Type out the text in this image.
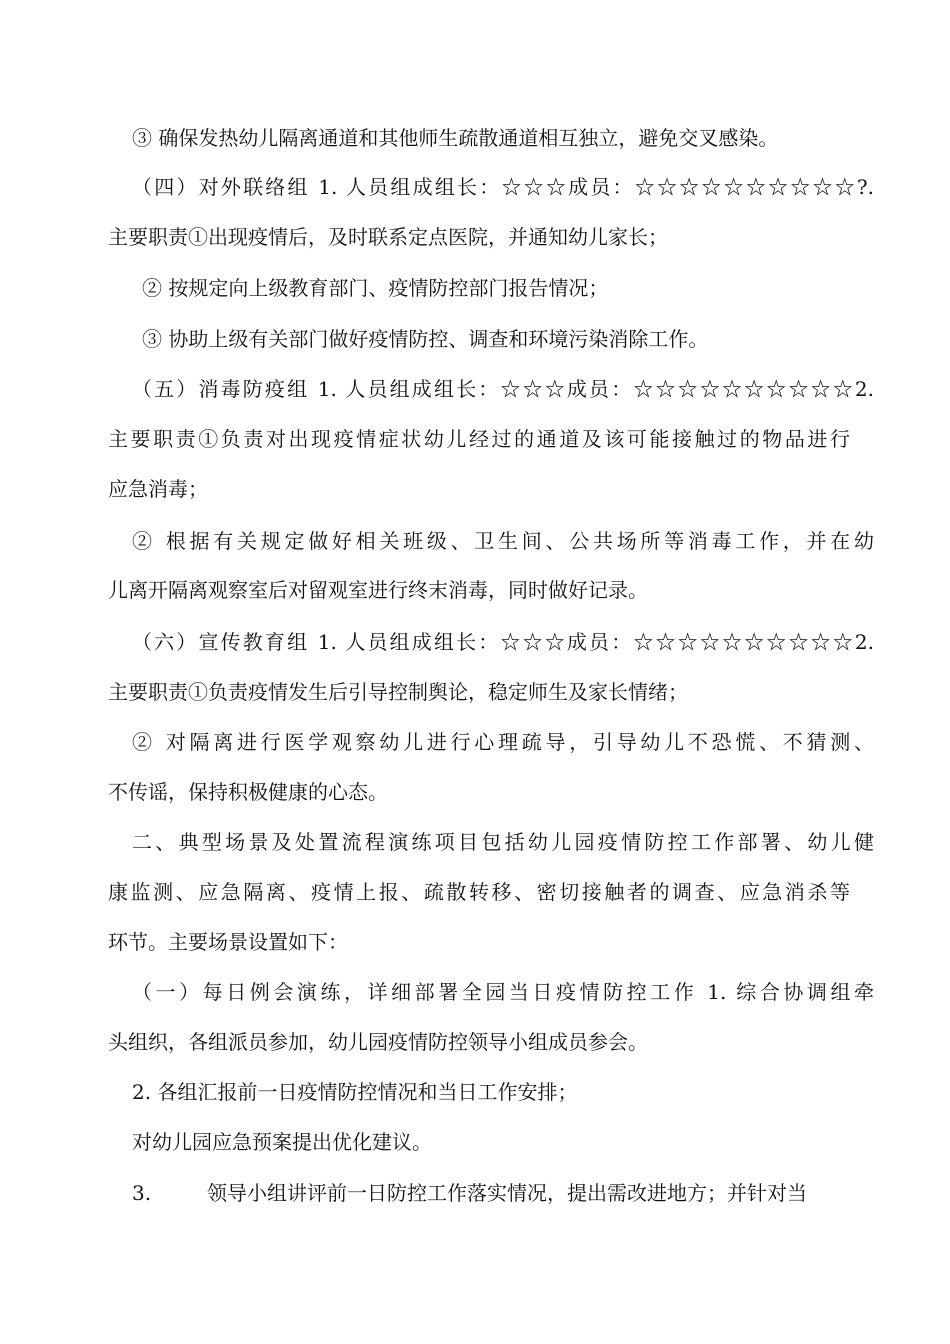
③ 确保发热幼儿隔离通道和其他师生疏散通道相互独立，避免交叉感染。
（四）对外联络组 1. 人员组成组长：☆☆☆成员：☆☆☆☆☆☆☆☆☆☆?.
主要职责①出现疫情后，及时联系定点医院，并通知幼儿家长；
② 按规定向上级教育部门、疫情防控部门报告情况；
③ 协助上级有关部门做好疫情防控、调查和环境污染消除工作。
（五）消毒防疫组 1. 人员组成组长：☆☆☆成员：☆☆☆☆☆☆☆☆☆☆2.
主要职责①负责对出现疫情症状幼儿经过的通道及该可能接触过的物品进行
应急消毒；
② 根据有关规定做好相关班级、卫生间、公共场所等消毒工作，并在幼
儿离开隔离观察室后对留观室进行终末消毒，同时做好记录。
（六）宣传教育组 1. 人员组成组长：☆☆☆成员：☆☆☆☆☆☆☆☆☆☆2.
主要职责①负责疫情发生后引导控制舆论，稳定师生及家长情绪；
② 对隔离进行医学观察幼儿进行心理疏导，引导幼儿不恐慌、不猜测、
不传谣，保持积极健康的心态。
二、典型场景及处置流程演练项目包括幼儿园疫情防控工作部署、幼儿健
康监测、应急隔离、疫情上报、疏散转移、密切接触者的调查、应急消杀等
环节。主要场景设置如下：
（一）每日例会演练，详细部署全园当日疫情防控工作 1. 综合协调组牵
头组织，各组派员参加，幼儿园疫情防控领导小组成员参会。
2. 各组汇报前一日疫情防控情况和当日工作安排；
对幼儿园应急预案提出优化建议。
3.	领导小组讲评前一日防控工作落实情况，提出需改进地方；并针对当
